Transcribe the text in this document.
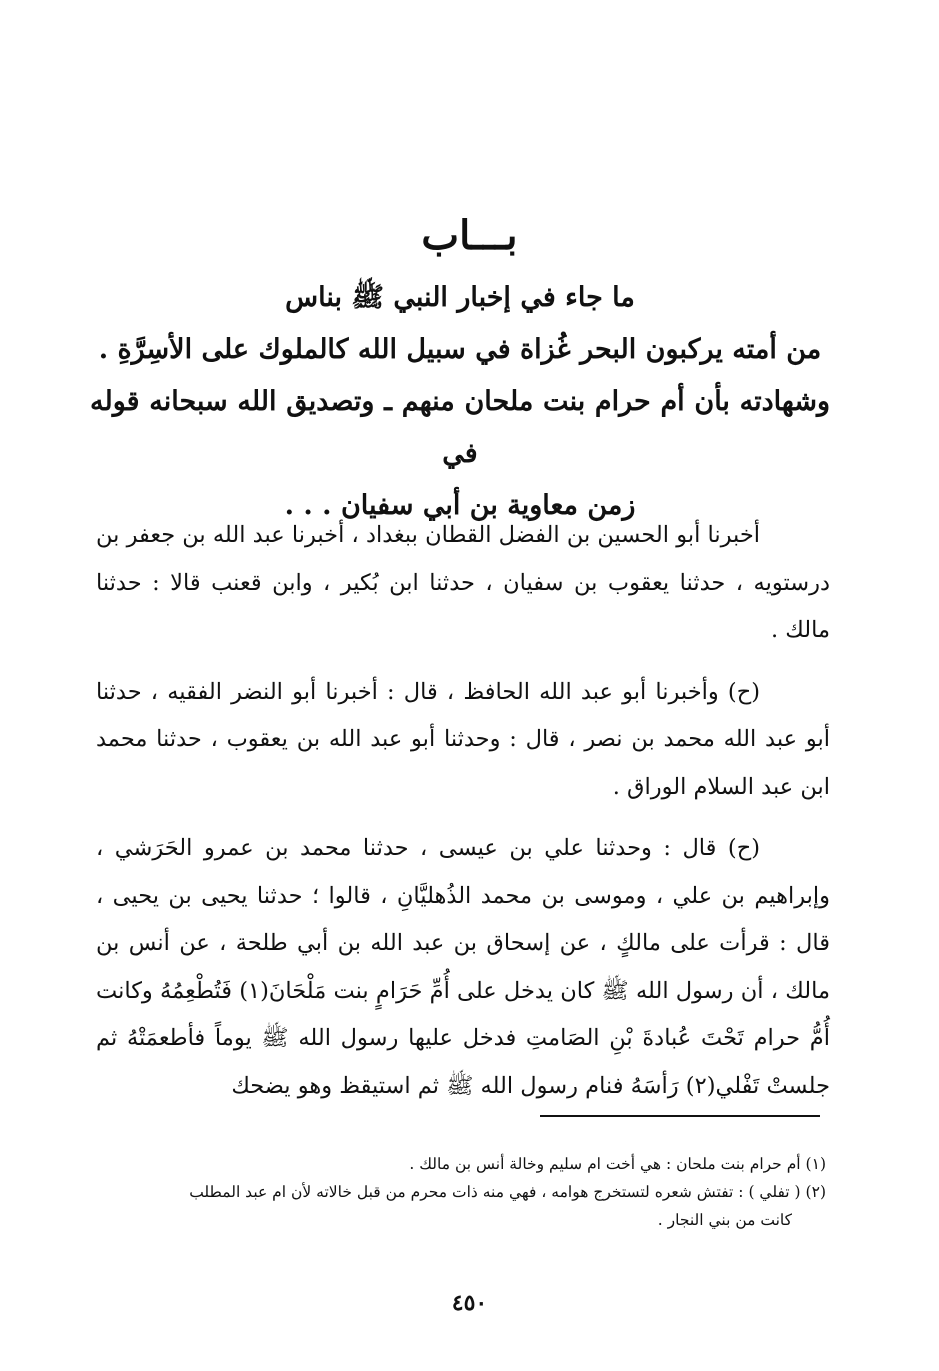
بـــاب
ما جاء في إخبار النبي ﷺ بناس
من أمته يركبون البحر غُزاة في سبيل الله كالملوك على الأسِرَّةِ .
وشهادته بأن أم حرام بنت ملحان منهم ـ وتصديق الله سبحانه قوله في
زمن معاوية بن أبي سفيان . . .

أخبرنا أبو الحسين بن الفضل القطان ببغداد ، أخبرنا عبد الله بن جعفر بن درستويه ، حدثنا يعقوب بن سفيان ، حدثنا ابن بُكير ، وابن قعنب قالا : حدثنا مالك .

(ح) وأخبرنا أبو عبد الله الحافظ ، قال : أخبرنا أبو النضر الفقيه ، حدثنا أبو عبد الله محمد بن نصر ، قال : وحدثنا أبو عبد الله بن يعقوب ، حدثنا محمد ابن عبد السلام الوراق .

(ح) قال : وحدثنا علي بن عيسى ، حدثنا محمد بن عمرو الحَرَشي ، وإبراهيم بن علي ، وموسى بن محمد الذُهليَّانِ ، قالوا ؛ حدثنا يحيى بن يحيى ، قال : قرأت على مالكٍ ، عن إسحاق بن عبد الله بن أبي طلحة ، عن أنس بن مالك ، أن رسول الله ﷺ كان يدخل على أُمِّ حَرَامٍ بنت مَلْحَانَ(١) فَتُطْعِمُهُ وكانت أُمُّ حرام تَحْتَ عُبادةَ بْنِ الصَامتِ فدخل عليها رسول الله ﷺ يوماً فأطعمَتْهُ ثم جلستْ تَفْلي(٢) رَأسَهُ فنام رسول الله ﷺ ثم استيقظ وهو يضحك

(١) أم حرام بنت ملحان : هي أخت ام سليم وخالة أنس بن مالك .

(٢) ( تفلي ) : تفتش شعره لتستخرج هوامه ، فهي منه ذات محرم من قبل خالاته لأن ام عبد المطلب

كانت من بني النجار .

٤٥٠
